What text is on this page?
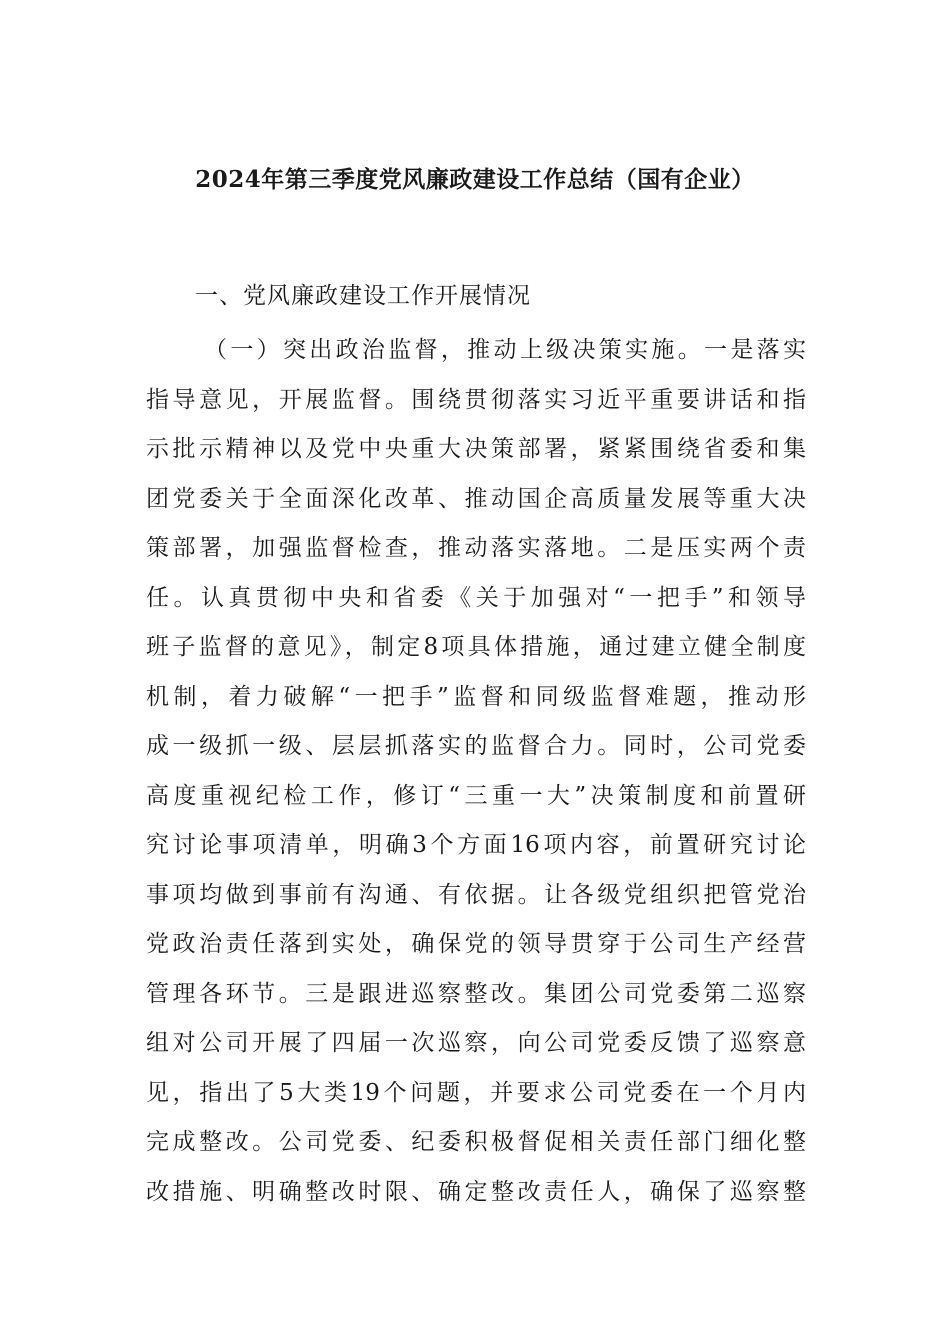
2024年第三季度党风廉政建设工作总结（国有企业）
一、党风廉政建设工作开展情况
（一）突出政治监督，推动上级决策实施。一是落实
指导意见，开展监督。围绕贯彻落实习近平重要讲话和指
示批示精神以及党中央重大决策部署，紧紧围绕省委和集
团党委关于全面深化改革、推动国企高质量发展等重大决
策部署，加强监督检查，推动落实落地。二是压实两个责
任。认真贯彻中央和省委《关于加强对“一把手”和领导
班子监督的意见》，制定8项具体措施，通过建立健全制度
机制，着力破解“一把手”监督和同级监督难题，推动形
成一级抓一级、层层抓落实的监督合力。同时，公司党委
高度重视纪检工作，修订“三重一大”决策制度和前置研
究讨论事项清单，明确3个方面16项内容，前置研究讨论
事项均做到事前有沟通、有依据。让各级党组织把管党治
党政治责任落到实处，确保党的领导贯穿于公司生产经营
管理各环节。三是跟进巡察整改。集团公司党委第二巡察
组对公司开展了四届一次巡察，向公司党委反馈了巡察意
见，指出了5大类19个问题，并要求公司党委在一个月内
完成整改。公司党委、纪委积极督促相关责任部门细化整
改措施、明确整改时限、确定整改责任人，确保了巡察整
